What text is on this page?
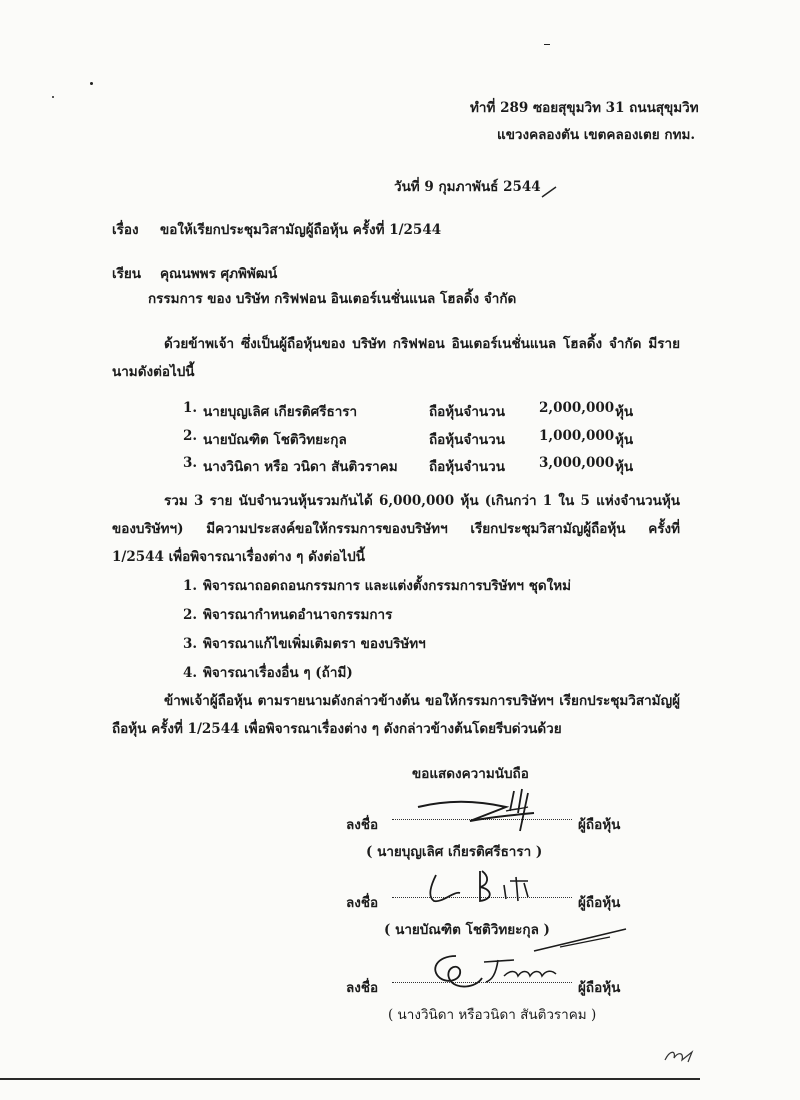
ทำที่ 289 ซอยสุขุมวิท 31 ถนนสุขุมวิท
แขวงคลองตัน เขตคลองเตย กทม.
วันที่ 9 กุมภาพันธ์ 2544
เรื่อง ขอให้เรียกประชุมวิสามัญผู้ถือหุ้น ครั้งที่ 1/2544
เรียน คุณนพพร ศุภพิพัฒน์
กรรมการ ของ บริษัท กริฟฟอน อินเตอร์เนชั่นแนล โฮลดิ้ง จำกัด
ด้วยข้าพเจ้า ซึ่งเป็นผู้ถือหุ้นของ บริษัท กริฟฟอน อินเตอร์เนชั่นแนล โฮลดิ้ง จำกัด มีรายนามดังต่อไปนี้
1. นายบุญเลิศ เกียรติศรีธารา	ถือหุ้นจำนวน	2,000,000 หุ้น
2. นายบัณฑิต โชติวิทยะกุล	ถือหุ้นจำนวน	1,000,000 หุ้น
3. นางวินิดา หรือ วนิดา สันติวราคม ถือหุ้นจำนวน	3,000,000 หุ้น
รวม 3 ราย นับจำนวนหุ้นรวมกันได้ 6,000,000 หุ้น (เกินกว่า 1 ใน 5 แห่งจำนวนหุ้นของบริษัทฯ) มีความประสงค์ขอให้กรรมการของบริษัทฯ เรียกประชุมวิสามัญผู้ถือหุ้น ครั้งที่ 1/2544 เพื่อพิจารณาเรื่องต่าง ๆ ดังต่อไปนี้
1. พิจารณาถอดถอนกรรมการ และแต่งตั้งกรรมการบริษัทฯ ชุดใหม่
2. พิจารณากำหนดอำนาจกรรมการ
3. พิจารณาแก้ไขเพิ่มเติมตรา ของบริษัทฯ
4. พิจารณาเรื่องอื่น ๆ (ถ้ามี)
ข้าพเจ้าผู้ถือหุ้น ตามรายนามดังกล่าวข้างต้น ขอให้กรรมการบริษัทฯ เรียกประชุมวิสามัญผู้ถือหุ้น ครั้งที่ 1/2544 เพื่อพิจารณาเรื่องต่าง ๆ ดังกล่าวข้างต้นโดยรีบด่วนด้วย
ขอแสดงความนับถือ
ลงชื่อ	ผู้ถือหุ้น
( นายบุญเลิศ เกียรติศรีธารา )
ลงชื่อ	ผู้ถือหุ้น
( นายบัณฑิต โชติวิทยะกุล )
ลงชื่อ	ผู้ถือหุ้น
( นางวินิดา หรือวนิดา สันติวราคม )
